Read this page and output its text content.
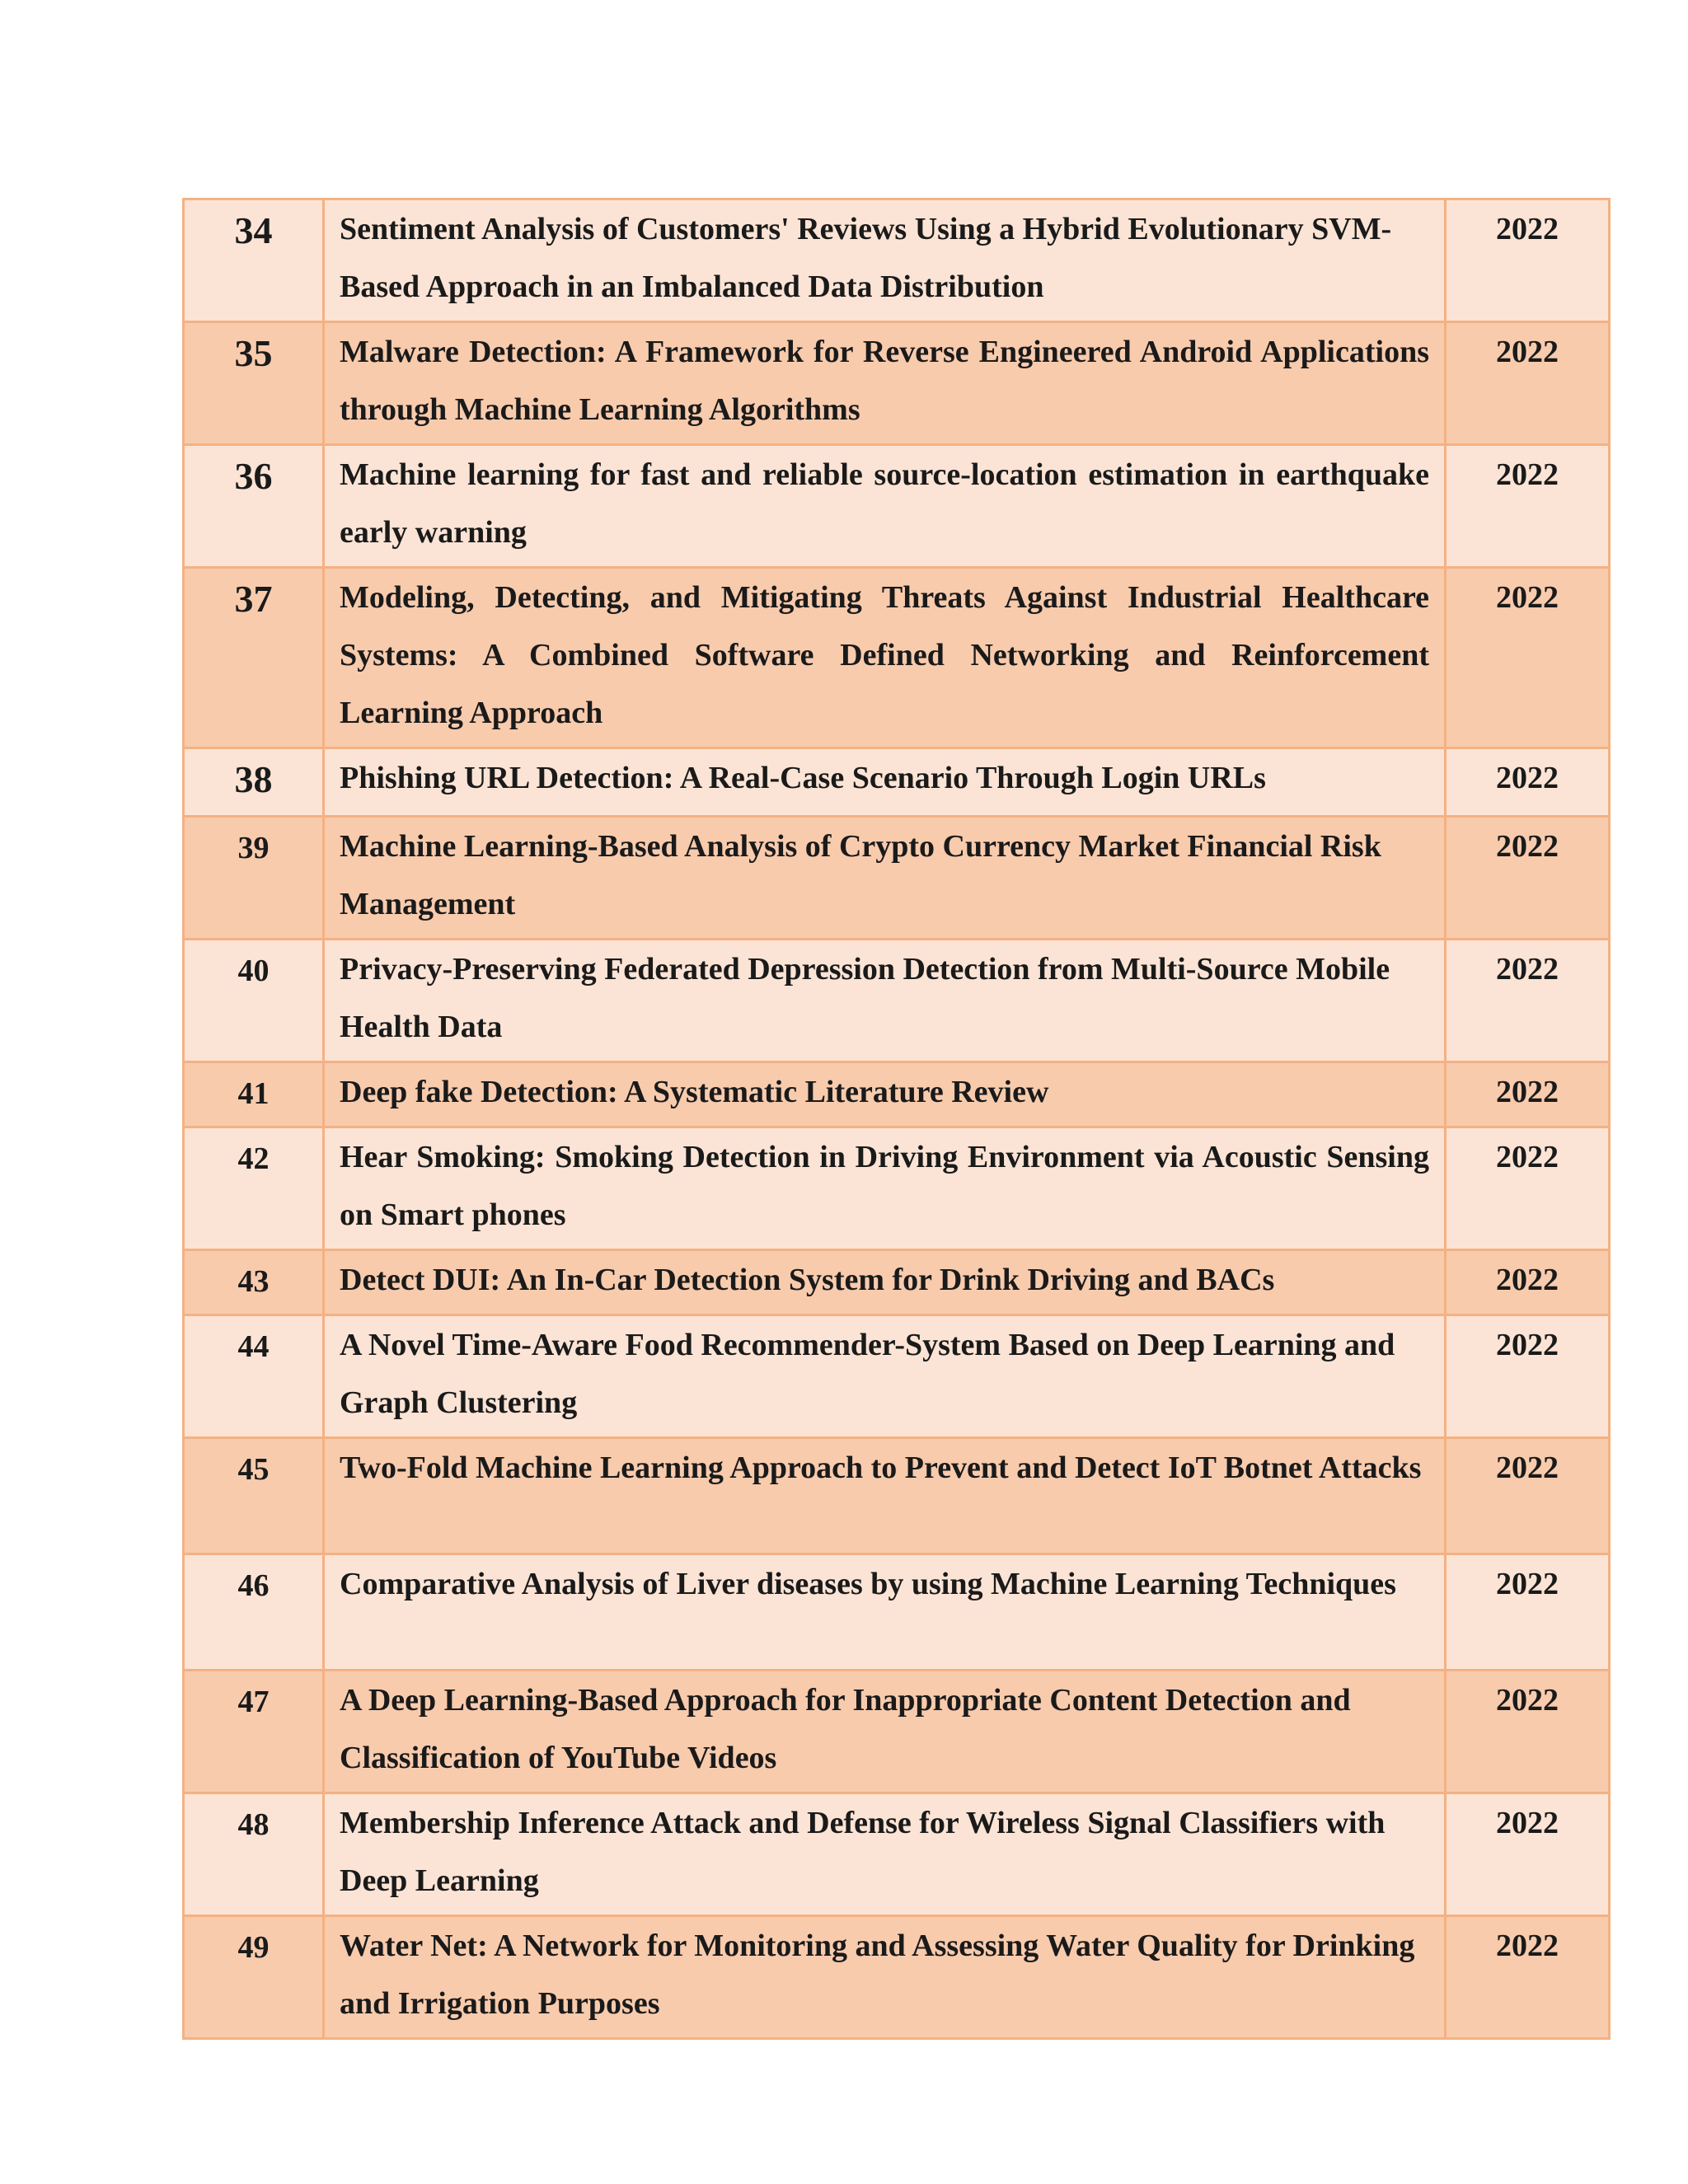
34	Sentiment Analysis of Customers' Reviews Using a Hybrid Evolutionary SVM-Based Approach in an Imbalanced Data Distribution	2022
35	Malware Detection: A Framework for Reverse Engineered Android Applications through Machine Learning Algorithms	2022
36	Machine learning for fast and reliable source-location estimation in earthquake early warning	2022
37	Modeling, Detecting, and Mitigating Threats Against Industrial Healthcare Systems: A Combined Software Defined Networking and Reinforcement Learning Approach	2022
38	Phishing URL Detection: A Real-Case Scenario Through Login URLs	2022
39	Machine Learning-Based Analysis of Crypto Currency Market Financial Risk Management	2022
40	Privacy-Preserving Federated Depression Detection from Multi-Source Mobile Health Data	2022
41	Deep fake Detection: A Systematic Literature Review	2022
42	Hear Smoking: Smoking Detection in Driving Environment via Acoustic Sensing on Smart phones	2022
43	Detect DUI: An In-Car Detection System for Drink Driving and BACs	2022
44	A Novel Time-Aware Food Recommender-System Based on Deep Learning and Graph Clustering	2022
45	Two-Fold Machine Learning Approach to Prevent and Detect IoT Botnet Attacks	2022
46	Comparative Analysis of Liver diseases by using Machine Learning Techniques	2022
47	A Deep Learning-Based Approach for Inappropriate Content Detection and Classification of YouTube Videos	2022
48	Membership Inference Attack and Defense for Wireless Signal Classifiers with Deep Learning	2022
49	Water Net: A Network for Monitoring and Assessing Water Quality for Drinking and Irrigation Purposes	2022
